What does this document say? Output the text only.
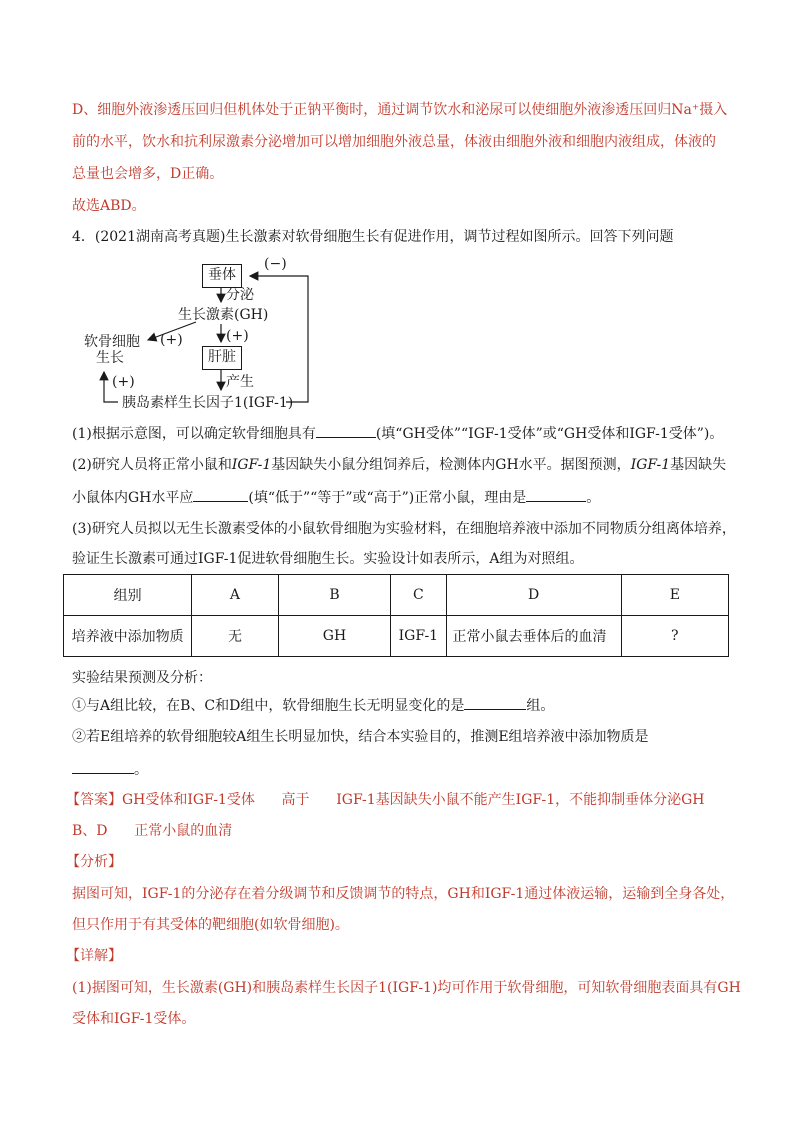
D、细胞外液渗透压回归但机体处于正钠平衡时，通过调节饮水和泌尿可以使细胞外液渗透压回归Na⁺摄入
前的水平，饮水和抗利尿激素分泌增加可以增加细胞外液总量，体液由细胞外液和细胞内液组成，体液的
总量也会增多，D正确。
故选ABD。
4．(2021湖南高考真题)生长激素对软骨细胞生长有促进作用，调节过程如图所示。回答下列问题
垂体
分泌
(−)
生长激素(GH)
(+)
(+)
肝脏
产生
软骨细胞
生长
(+)
胰岛素样生长因子1(IGF-1)
(1)根据示意图，可以确定软骨细胞具有	(填“GH受体”“IGF-1受体”或“GH受体和IGF-1受体”)。
(2)研究人员将正常小鼠和IGF-1基因缺失小鼠分组饲养后，检测体内GH水平。据图预测，IGF-1基因缺失
小鼠体内GH水平应	(填“低于”“等于”或“高于”)正常小鼠，理由是	。
(3)研究人员拟以无生长激素受体的小鼠软骨细胞为实验材料，在细胞培养液中添加不同物质分组离体培养，
验证生长激素可通过IGF-1促进软骨细胞生长。实验设计如表所示，A组为对照组。
组别	A	B	C	D	E
培养液中添加物质	无	GH	IGF-1	正常小鼠去垂体后的血清	?
实验结果预测及分析：
①与A组比较，在B、C和D组中，软骨细胞生长无明显变化的是	组。
②若E组培养的软骨细胞较A组生长明显加快，结合本实验目的，推测E组培养液中添加物质是
。
【答案】GH受体和IGF-1受体      高于      IGF-1基因缺失小鼠不能产生IGF-1，不能抑制垂体分泌GH
B、D      正常小鼠的血清
【分析】
据图可知，IGF-1的分泌存在着分级调节和反馈调节的特点，GH和IGF-1通过体液运输，运输到全身各处，
但只作用于有其受体的靶细胞(如软骨细胞)。
【详解】
(1)据图可知，生长激素(GH)和胰岛素样生长因子1(IGF-1)均可作用于软骨细胞，可知软骨细胞表面具有GH
受体和IGF-1受体。
